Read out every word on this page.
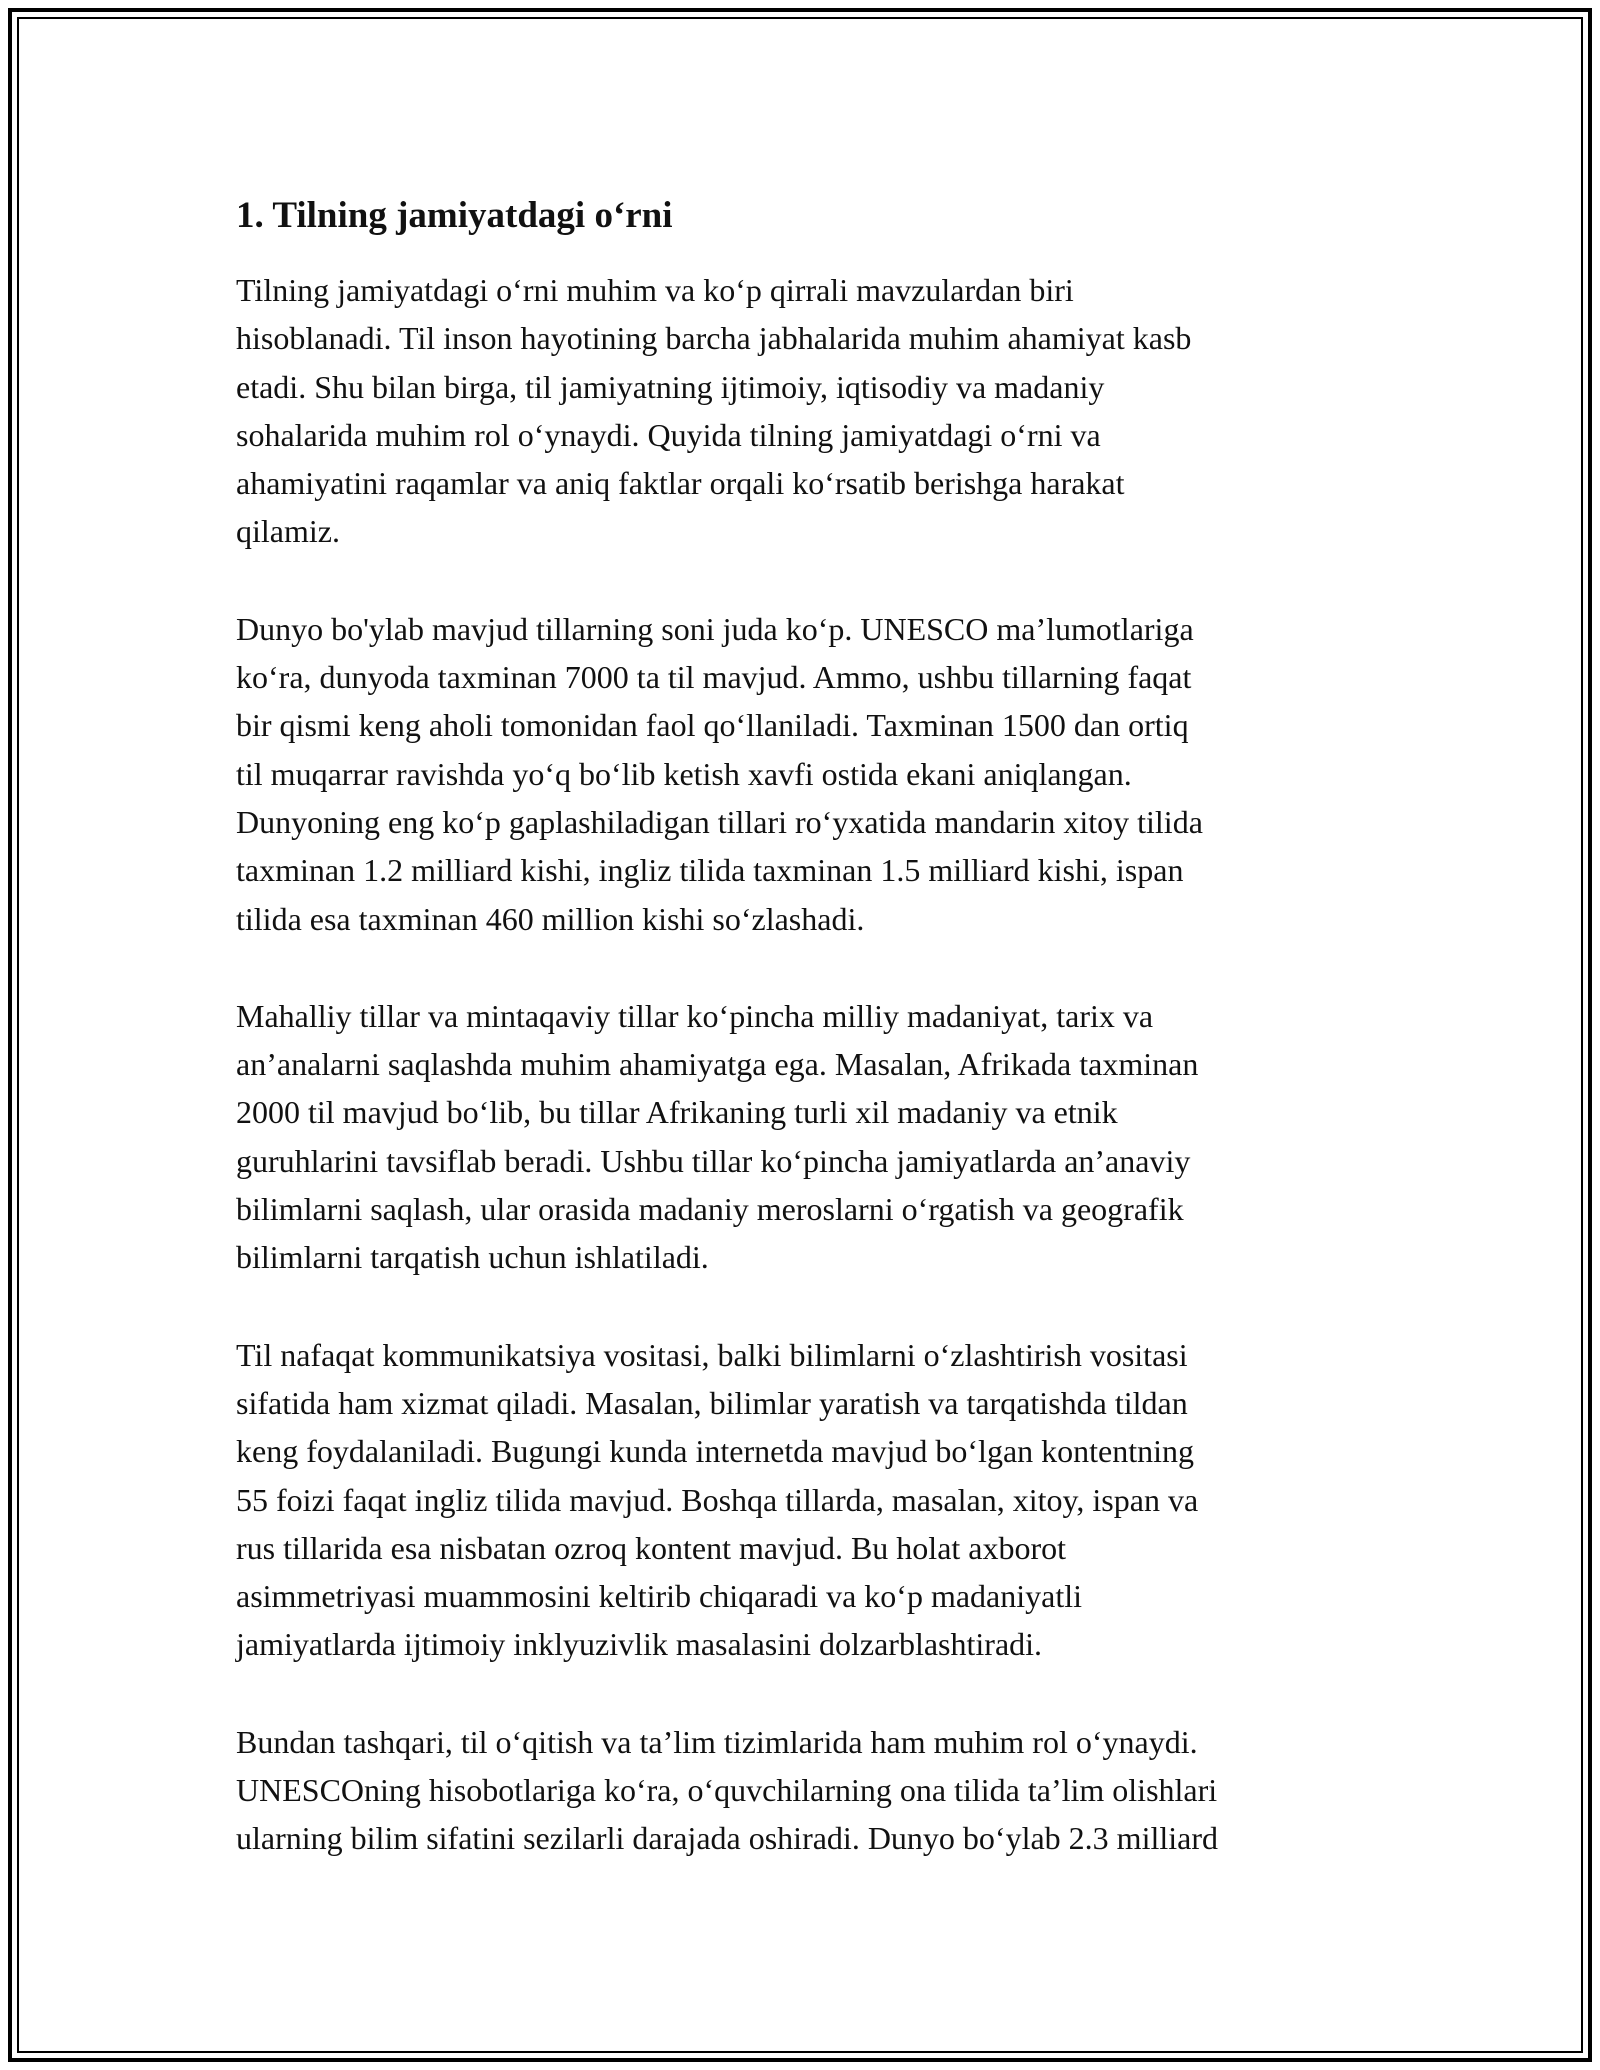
1. Tilning jamiyatdagi o‘rni

Tilning jamiyatdagi o‘rni muhim va ko‘p qirrali mavzulardan biri
hisoblanadi. Til inson hayotining barcha jabhalarida muhim ahamiyat kasb
etadi. Shu bilan birga, til jamiyatning ijtimoiy, iqtisodiy va madaniy
sohalarida muhim rol o‘ynaydi. Quyida tilning jamiyatdagi o‘rni va
ahamiyatini raqamlar va aniq faktlar orqali ko‘rsatib berishga harakat
qilamiz.

Dunyo bo'ylab mavjud tillarning soni juda ko‘p. UNESCO ma’lumotlariga
ko‘ra, dunyoda taxminan 7000 ta til mavjud. Ammo, ushbu tillarning faqat
bir qismi keng aholi tomonidan faol qo‘llaniladi. Taxminan 1500 dan ortiq
til muqarrar ravishda yo‘q bo‘lib ketish xavfi ostida ekani aniqlangan.
Dunyoning eng ko‘p gaplashiladigan tillari ro‘yxatida mandarin xitoy tilida
taxminan 1.2 milliard kishi, ingliz tilida taxminan 1.5 milliard kishi, ispan
tilida esa taxminan 460 million kishi so‘zlashadi.

Mahalliy tillar va mintaqaviy tillar ko‘pincha milliy madaniyat, tarix va
an’analarni saqlashda muhim ahamiyatga ega. Masalan, Afrikada taxminan
2000 til mavjud bo‘lib, bu tillar Afrikaning turli xil madaniy va etnik
guruhlarini tavsiflab beradi. Ushbu tillar ko‘pincha jamiyatlarda an’anaviy
bilimlarni saqlash, ular orasida madaniy meroslarni o‘rgatish va geografik
bilimlarni tarqatish uchun ishlatiladi.

Til nafaqat kommunikatsiya vositasi, balki bilimlarni o‘zlashtirish vositasi
sifatida ham xizmat qiladi. Masalan, bilimlar yaratish va tarqatishda tildan
keng foydalaniladi. Bugungi kunda internetda mavjud bo‘lgan kontentning
55 foizi faqat ingliz tilida mavjud. Boshqa tillarda, masalan, xitoy, ispan va
rus tillarida esa nisbatan ozroq kontent mavjud. Bu holat axborot
asimmetriyasi muammosini keltirib chiqaradi va ko‘p madaniyatli
jamiyatlarda ijtimoiy inklyuzivlik masalasini dolzarblashtiradi.

Bundan tashqari, til o‘qitish va ta’lim tizimlarida ham muhim rol o‘ynaydi.
UNESCOning hisobotlariga ko‘ra, o‘quvchilarning ona tilida ta’lim olishlari
ularning bilim sifatini sezilarli darajada oshiradi. Dunyo bo‘ylab 2.3 milliard
